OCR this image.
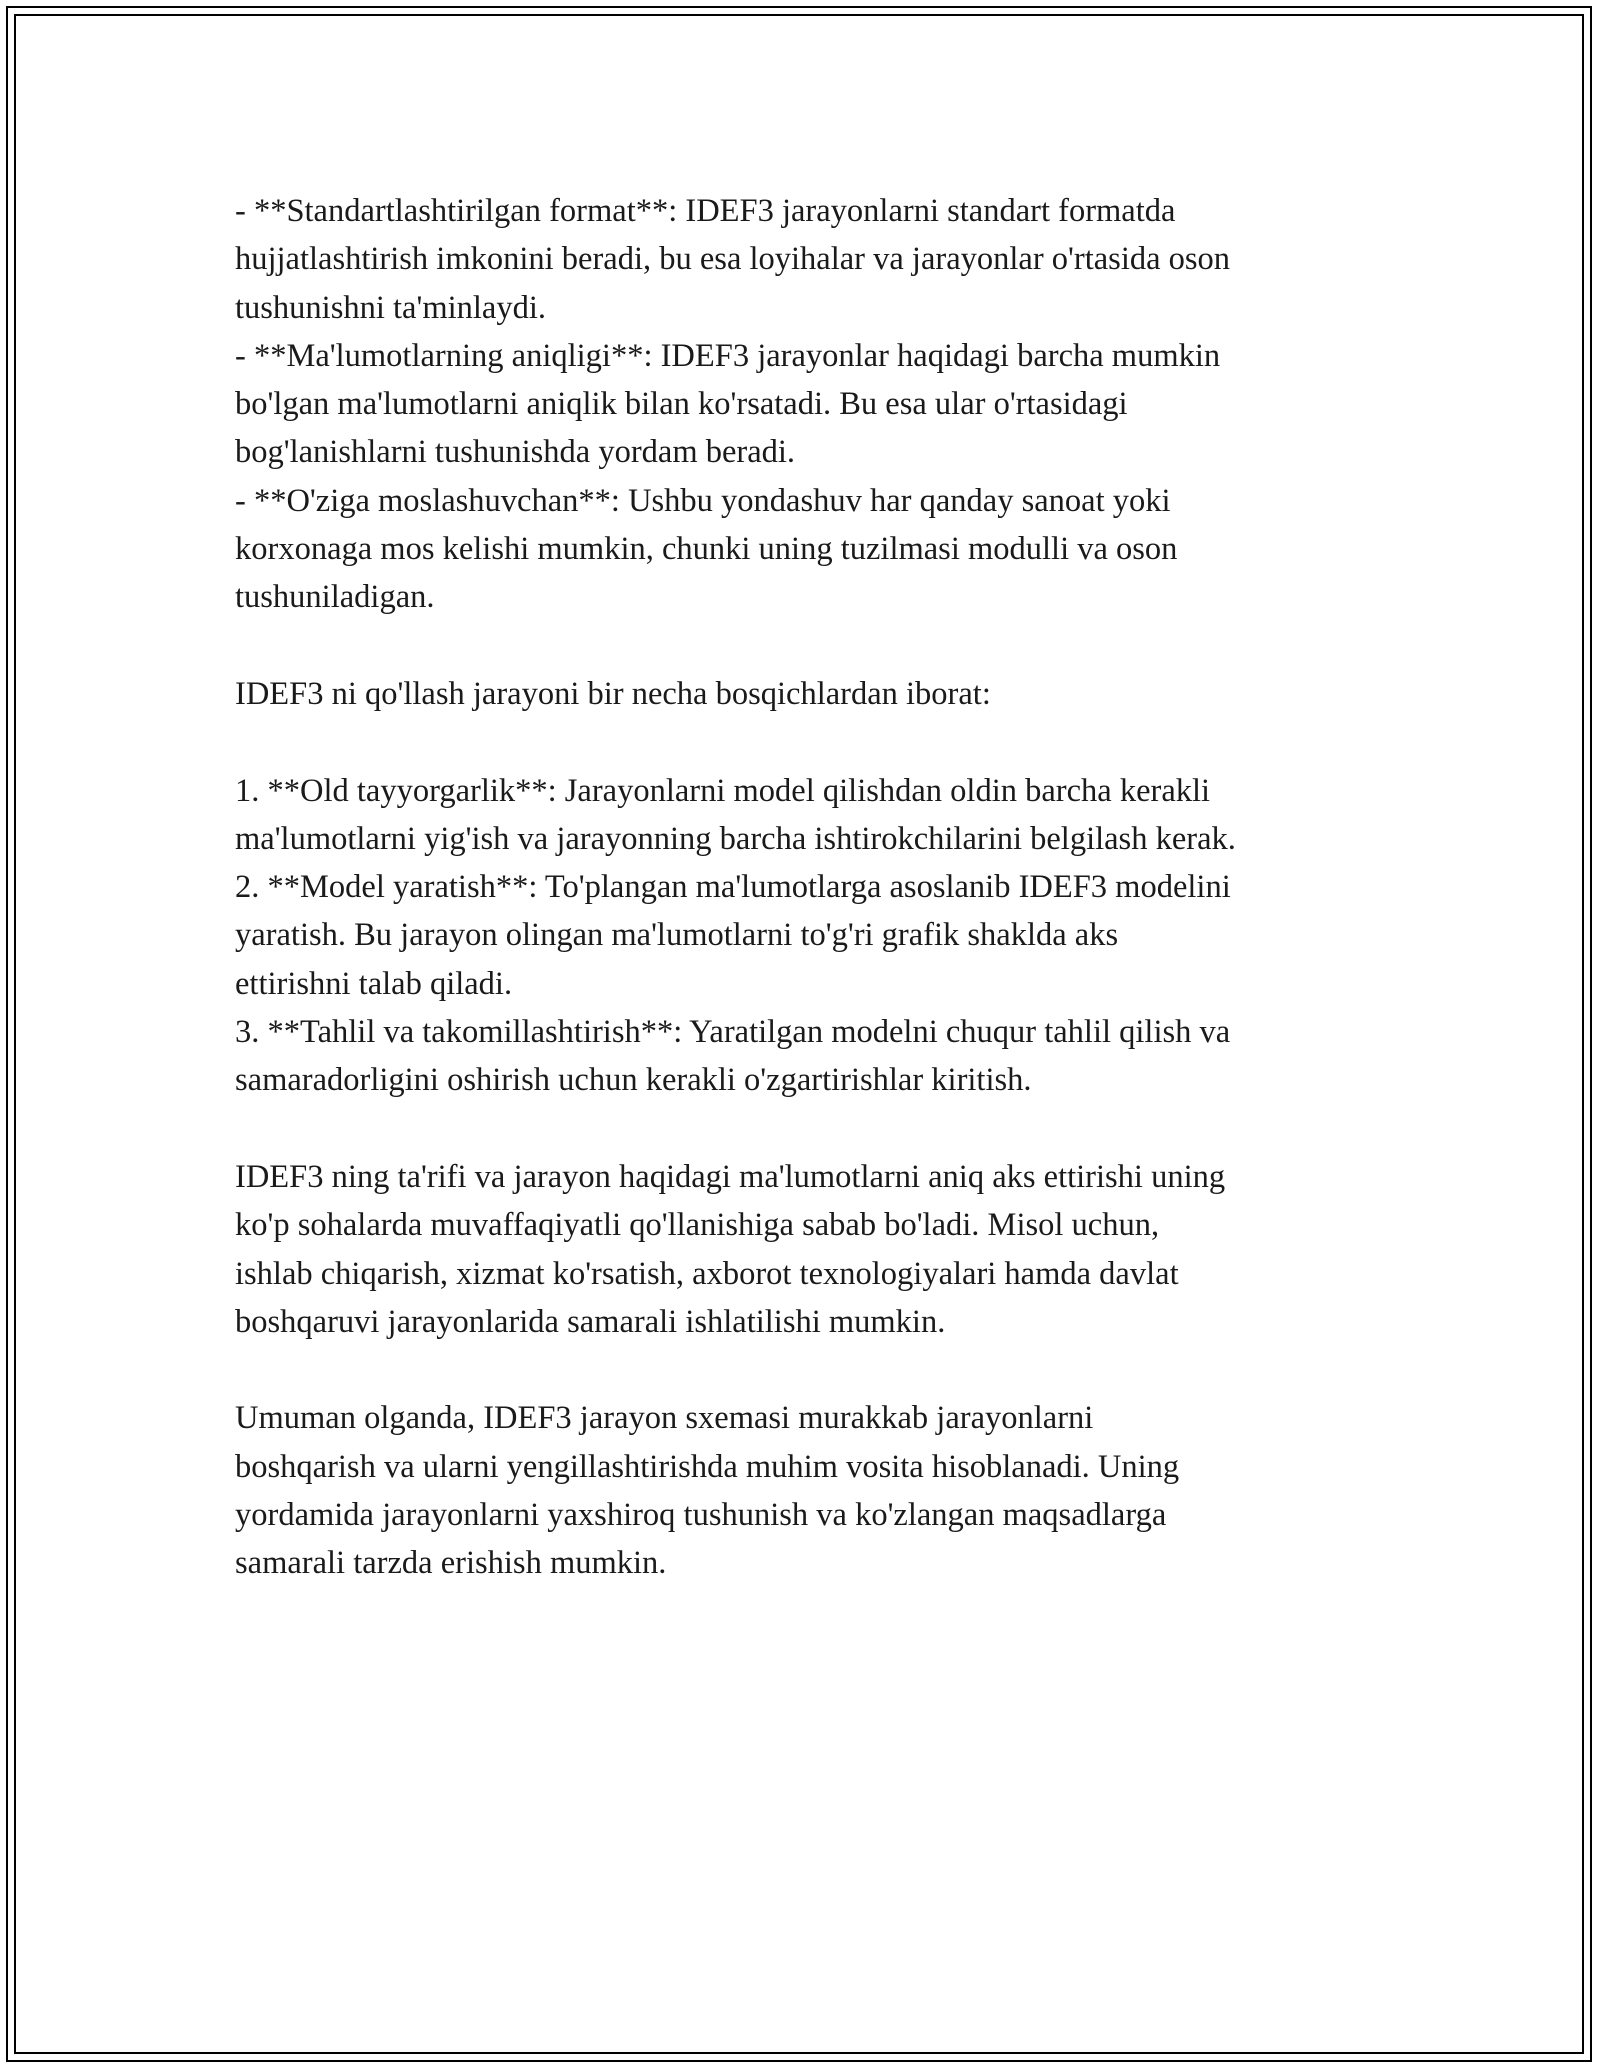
- **Standartlashtirilgan format**: IDEF3 jarayonlarni standart formatda
hujjatlashtirish imkonini beradi, bu esa loyihalar va jarayonlar o'rtasida oson
tushunishni ta'minlaydi.
- **Ma'lumotlarning aniqligi**: IDEF3 jarayonlar haqidagi barcha mumkin
bo'lgan ma'lumotlarni aniqlik bilan ko'rsatadi. Bu esa ular o'rtasidagi
bog'lanishlarni tushunishda yordam beradi.
- **O'ziga moslashuvchan**: Ushbu yondashuv har qanday sanoat yoki
korxonaga mos kelishi mumkin, chunki uning tuzilmasi modulli va oson
tushuniladigan.
IDEF3 ni qo'llash jarayoni bir necha bosqichlardan iborat:
1. **Old tayyorgarlik**: Jarayonlarni model qilishdan oldin barcha kerakli
ma'lumotlarni yig'ish va jarayonning barcha ishtirokchilarini belgilash kerak.
2. **Model yaratish**: To'plangan ma'lumotlarga asoslanib IDEF3 modelini
yaratish. Bu jarayon olingan ma'lumotlarni to'g'ri grafik shakldа aks
ettirishni talab qiladi.
3. **Tahlil va takomillashtirish**: Yaratilgan modelni chuqur tahlil qilish va
samaradorligini oshirish uchun kerakli o'zgartirishlar kiritish.
IDEF3 ning ta'rifi va jarayon haqidagi ma'lumotlarni aniq aks ettirishi uning
ko'p sohalarda muvaffaqiyatli qo'llanishiga sabab bo'ladi. Misol uchun,
ishlab chiqarish, xizmat ko'rsatish, axborot texnologiyalari hamda davlat
boshqaruvi jarayonlarida samarali ishlatilishi mumkin.
Umuman olganda, IDEF3 jarayon sxemasi murakkab jarayonlarni
boshqarish va ularni yengillashtirishda muhim vosita hisoblanadi. Uning
yordamida jarayonlarni yaxshiroq tushunish va ko'zlangan maqsadlarga
samarali tarzda erishish mumkin.
